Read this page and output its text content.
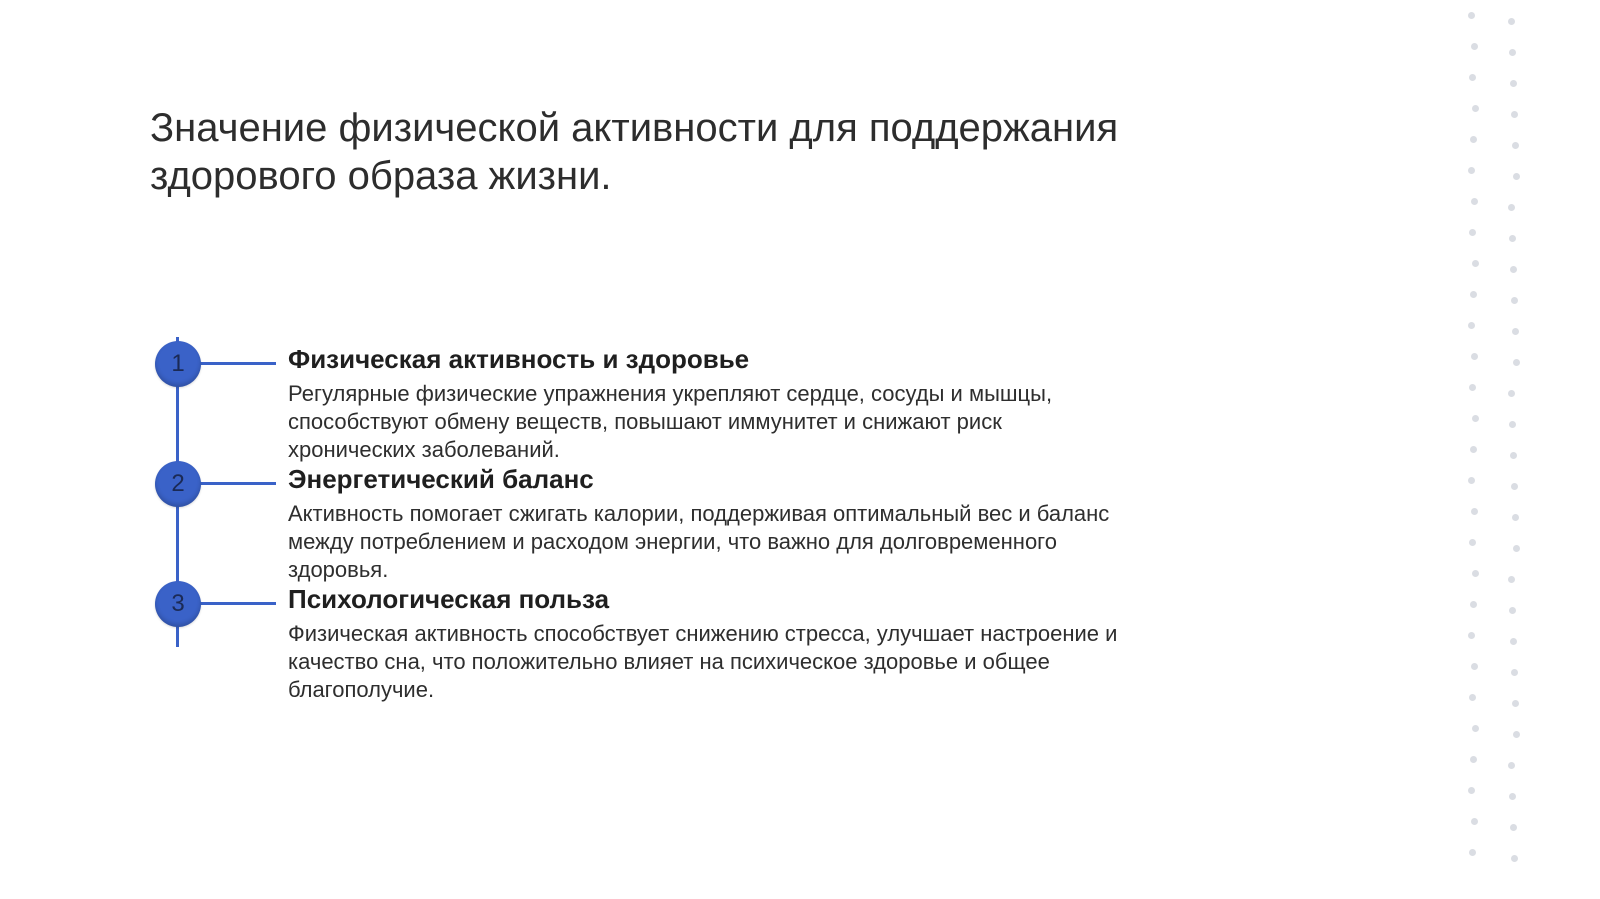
Значение физической активности для поддержания здорового образа жизни.
1	Физическая активность и здоровье

Регулярные физические упражнения укрепляют сердце, сосуды и мышцы, способствуют обмену веществ, повышают иммунитет и снижают риск хронических заболеваний.

2	Энергетический баланс

Активность помогает сжигать калории, поддерживая оптимальный вес и баланс между потреблением и расходом энергии, что важно для долговременного здоровья.

3	Психологическая польза

Физическая активность способствует снижению стресса, улучшает настроение и качество сна, что положительно влияет на психическое здоровье и общее благополучие.
